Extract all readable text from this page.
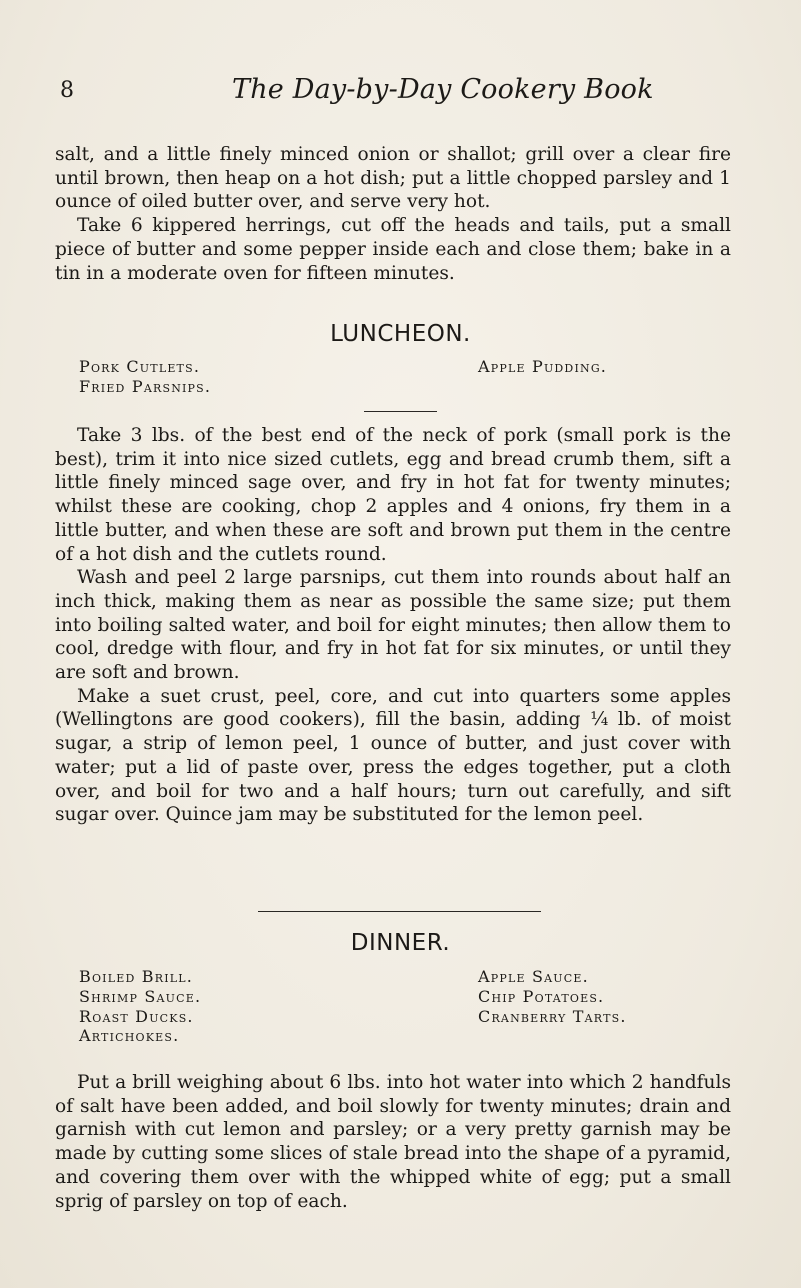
8	The Day-by-Day Cookery Book

salt, and a little finely minced onion or shallot; grill over a clear fire until brown, then heap on a hot dish; put a little chopped parsley and 1 ounce of oiled butter over, and serve very hot.

Take 6 kippered herrings, cut off the heads and tails, put a small piece of butter and some pepper inside each and close them; bake in a tin in a moderate oven for fifteen minutes.

LUNCHEON.
Pork Cutlets.
Fried Parsnips.
Apple Pudding.

Take 3 lbs. of the best end of the neck of pork (small pork is the best), trim it into nice sized cutlets, egg and bread crumb them, sift a little finely minced sage over, and fry in hot fat for twenty minutes; whilst these are cooking, chop 2 apples and 4 onions, fry them in a little butter, and when these are soft and brown put them in the centre of a hot dish and the cutlets round.

Wash and peel 2 large parsnips, cut them into rounds about half an inch thick, making them as near as possible the same size; put them into boiling salted water, and boil for eight minutes; then allow them to cool, dredge with flour, and fry in hot fat for six minutes, or until they are soft and brown.

Make a suet crust, peel, core, and cut into quarters some apples (Wellingtons are good cookers), fill the basin, adding ¼ lb. of moist sugar, a strip of lemon peel, 1 ounce of butter, and just cover with water; put a lid of paste over, press the edges together, put a cloth over, and boil for two and a half hours; turn out carefully, and sift sugar over. Quince jam may be substituted for the lemon peel.

DINNER.
Boiled Brill.
Shrimp Sauce.
Roast Ducks.
Artichokes.
Apple Sauce.
Chip Potatoes.
Cranberry Tarts.

Put a brill weighing about 6 lbs. into hot water into which 2 handfuls of salt have been added, and boil slowly for twenty minutes; drain and garnish with cut lemon and parsley; or a very pretty garnish may be made by cutting some slices of stale bread into the shape of a pyramid, and covering them over with the whipped white of egg; put a small sprig of parsley on top of each.
